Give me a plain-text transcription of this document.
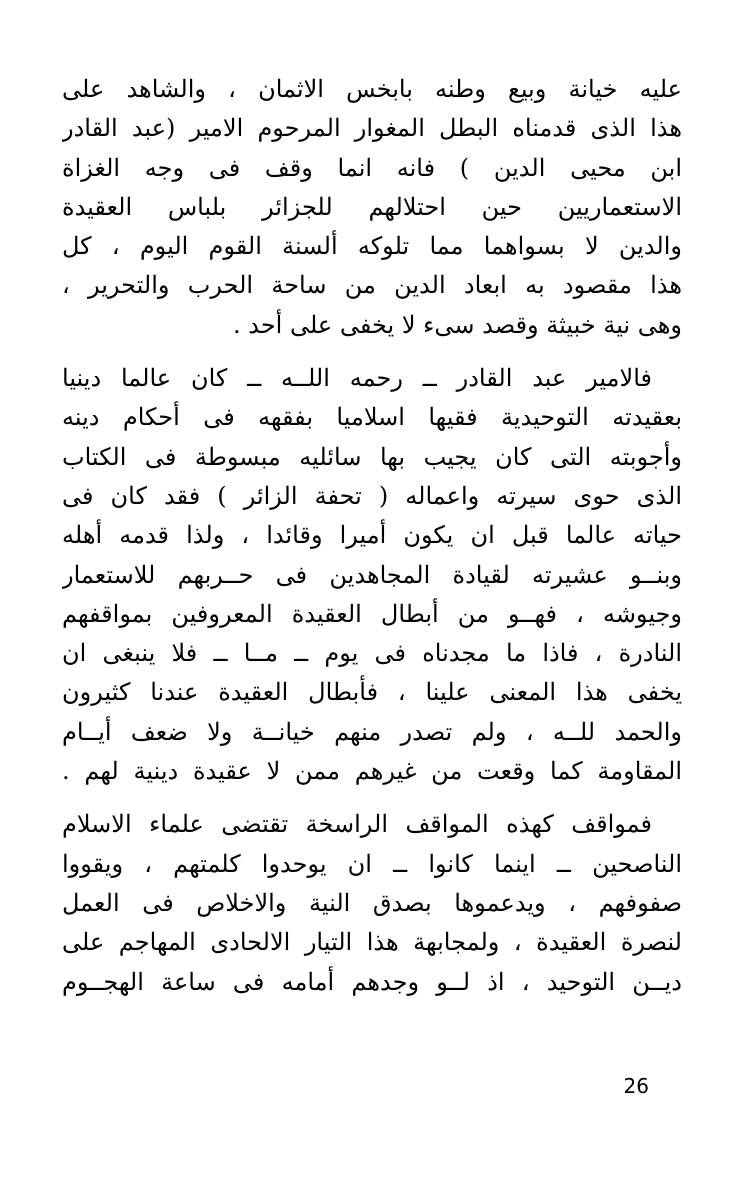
عليه خيانة وبيع وطنه بابخس الاثمان ، والشاهد على
هذا الذى قدمناه البطل المغوار المرحوم الامير (عبد القادر
ابن محيى الدين ) فانه انما وقف فى وجه الغزاة
الاستعماريين حين احتلالهم للجزائر بلباس العقيدة
والدين لا بسواهما مما تلوكه ألسنة القوم اليوم ، كل
هذا مقصود به ابعاد الدين من ساحة الحرب والتحرير ،
وهى نية خبيثة وقصد سىء لا يخفى على أحد .

فالامير عبد القادر ــ رحمه اللــه ــ كان عالما دينيا
بعقيدته التوحيدية فقيها اسلاميا بفقهه فى أحكام دينه
وأجوبته التى كان يجيب بها سائليه مبسوطة فى الكتاب
الذى حوى سيرته واعماله ( تحفة الزائر ) فقد كان فى
حياته عالما قبل ان يكون أميرا وقائدا ، ولذا قدمه أهله
وبنــو عشيرته لقيادة المجاهدين فى حــربهم للاستعمار
وجيوشه ، فهــو من أبطال العقيدة المعروفين بمواقفهم
النادرة ، فاذا ما مجدناه فى يوم ــ مــا ــ فلا ينبغى ان
يخفى هذا المعنى علينا ، فأبطال العقيدة عندنا كثيرون
والحمد للــه ، ولم تصدر منهم خيانــة ولا ضعف أيــام
المقاومة كما وقعت من غيرهم ممن لا عقيدة دينية لهم .

فمواقف كهذه المواقف الراسخة تقتضى علماء الاسلام
الناصحين ــ اينما كانوا ــ ان يوحدوا كلمتهم ، ويقووا
صفوفهم ، ويدعموها بصدق النية والاخلاص فى العمل
لنصرة العقيدة ، ولمجابهة هذا التيار الالحادى المهاجم على
ديــن التوحيد ، اذ لــو وجدهم أمامه فى ساعة الهجــوم

26
